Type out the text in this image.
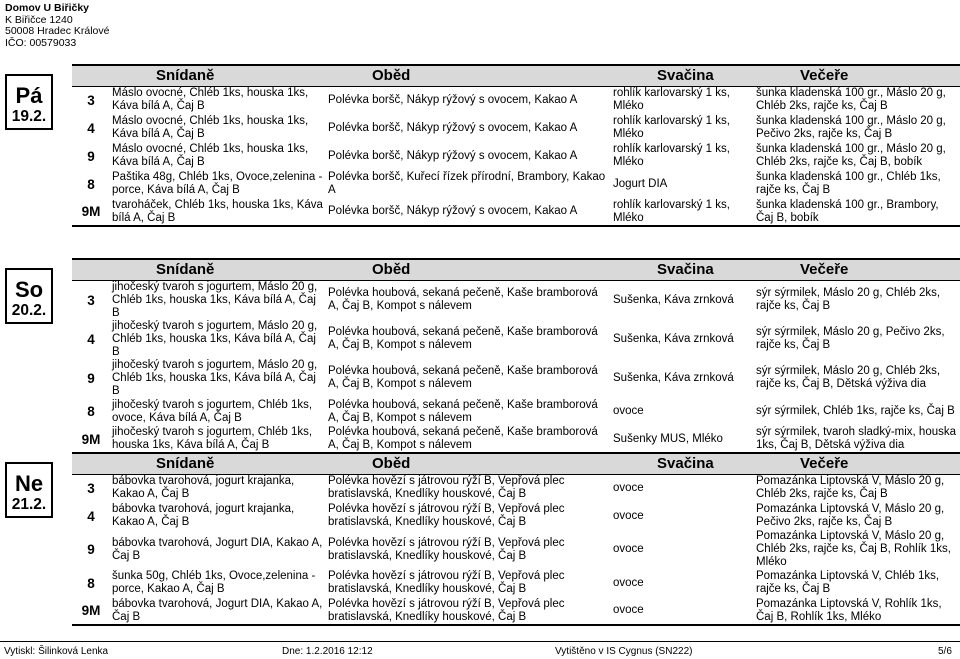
Domov U Biřičky
K Biřičce 1240
50008 Hradec Králové
IČO: 00579033
Pá
19.2.
	Snídaně	Oběd	Svačina	Večeře
3	Máslo ovocné, Chléb 1ks, houska 1ks, Káva bílá A, Čaj B	Polévka boršč, Nákyp rýžový s ovocem, Kakao A	rohlík karlovarský 1 ks, Mléko	šunka kladenská 100 gr., Máslo 20 g, Chléb 2ks, rajče ks, Čaj B
4	Máslo ovocné, Chléb 1ks, houska 1ks, Káva bílá A, Čaj B	Polévka boršč, Nákyp rýžový s ovocem, Kakao A	rohlík karlovarský 1 ks, Mléko	šunka kladenská 100 gr., Máslo 20 g, Pečivo 2ks, rajče ks, Čaj B
9	Máslo ovocné, Chléb 1ks, houska 1ks, Káva bílá A, Čaj B	Polévka boršč, Nákyp rýžový s ovocem, Kakao A	rohlík karlovarský 1 ks, Mléko	šunka kladenská 100 gr., Máslo 20 g, Chléb 2ks, rajče ks, Čaj B, bobík
8	Paštika 48g, Chléb 1ks, Ovoce,zelenina - porce, Káva bílá A, Čaj B	Polévka boršč, Kuřecí řízek přírodní, Brambory, Kakao A	Jogurt DIA	šunka kladenská 100 gr., Chléb 1ks, rajče ks, Čaj B
9M	tvaroháček, Chléb 1ks, houska 1ks, Káva bílá A, Čaj B	Polévka boršč, Nákyp rýžový s ovocem, Kakao A	rohlík karlovarský 1 ks, Mléko	šunka kladenská 100 gr., Brambory, Čaj B, bobík
So
20.2.
	Snídaně	Oběd	Svačina	Večeře
3	jihočeský tvaroh s jogurtem, Máslo 20 g, Chléb 1ks, houska 1ks, Káva bílá A, Čaj B	Polévka houbová, sekaná pečeně, Kaše bramborová A, Čaj B, Kompot s nálevem	Sušenka, Káva zrnková	sýr sýrmilek, Máslo 20 g, Chléb 2ks, rajče ks, Čaj B
4	jihočeský tvaroh s jogurtem, Máslo 20 g, Chléb 1ks, houska 1ks, Káva bílá A, Čaj B	Polévka houbová, sekaná pečeně, Kaše bramborová A, Čaj B, Kompot s nálevem	Sušenka, Káva zrnková	sýr sýrmilek, Máslo 20 g, Pečivo 2ks, rajče ks, Čaj B
9	jihočeský tvaroh s jogurtem, Máslo 20 g, Chléb 1ks, houska 1ks, Káva bílá A, Čaj B	Polévka houbová, sekaná pečeně, Kaše bramborová A, Čaj B, Kompot s nálevem	Sušenka, Káva zrnková	sýr sýrmilek, Máslo 20 g, Chléb 2ks, rajče ks, Čaj B, Dětská výživa dia
8	jihočeský tvaroh s jogurtem, Chléb 1ks, ovoce, Káva bílá A, Čaj B	Polévka houbová, sekaná pečeně, Kaše bramborová A, Čaj B, Kompot s nálevem	ovoce	sýr sýrmilek, Chléb 1ks, rajče ks, Čaj B
9M	jihočeský tvaroh s jogurtem, Chléb 1ks, houska 1ks, Káva bílá A, Čaj B	Polévka houbová, sekaná pečeně, Kaše bramborová A, Čaj B, Kompot s nálevem	Sušenky MUS, Mléko	sýr sýrmilek, tvaroh sladký-mix, houska 1ks, Čaj B, Dětská výživa dia
Ne
21.2.
	Snídaně	Oběd	Svačina	Večeře
3	bábovka tvarohová, jogurt krajanka, Kakao A, Čaj B	Polévka hovězí s játrovou rýží B, Vepřová plec bratislavská, Knedlíky houskové, Čaj B	ovoce	Pomazánka Liptovská V, Máslo 20 g, Chléb 2ks, rajče ks, Čaj B
4	bábovka tvarohová, jogurt krajanka, Kakao A, Čaj B	Polévka hovězí s játrovou rýží B, Vepřová plec bratislavská, Knedlíky houskové, Čaj B	ovoce	Pomazánka Liptovská V, Máslo 20 g, Pečivo 2ks, rajče ks, Čaj B
9	bábovka tvarohová, Jogurt DIA, Kakao A, Čaj B	Polévka hovězí s játrovou rýží B, Vepřová plec bratislavská, Knedlíky houskové, Čaj B	ovoce	Pomazánka Liptovská V, Máslo 20 g, Chléb 2ks, rajče ks, Čaj B, Rohlík 1ks, Mléko
8	šunka 50g, Chléb 1ks, Ovoce,zelenina - porce, Kakao A, Čaj B	Polévka hovězí s játrovou rýží B, Vepřová plec bratislavská, Knedlíky houskové, Čaj B	ovoce	Pomazánka Liptovská V, Chléb 1ks, rajče ks, Čaj B
9M	bábovka tvarohová, Jogurt DIA, Kakao A, Čaj B	Polévka hovězí s játrovou rýží B, Vepřová plec bratislavská, Knedlíky houskové, Čaj B	ovoce	Pomazánka Liptovská V, Rohlík 1ks, Čaj B, Rohlík 1ks, Mléko
Vytiskl: Šilinková Lenka	Dne: 1.2.2016 12:12	Vytištěno v IS Cygnus (SN222)	5/6
